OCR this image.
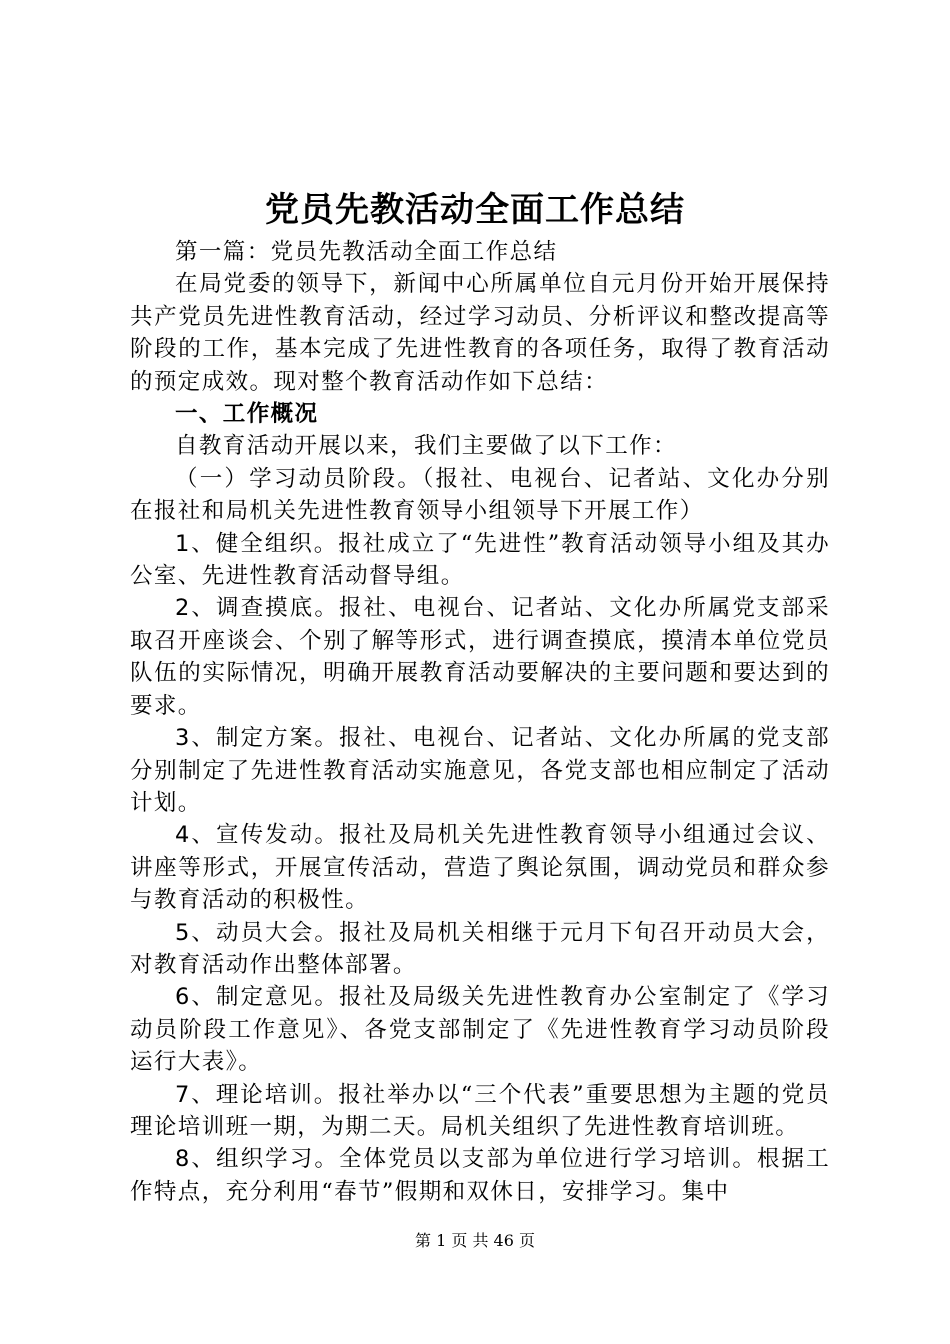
党员先教活动全面工作总结

第一篇：党员先教活动全面工作总结

在局党委的领导下，新闻中心所属单位自元月份开始开展保持共产党员先进性教育活动，经过学习动员、分析评议和整改提高等阶段的工作，基本完成了先进性教育的各项任务，取得了教育活动的预定成效。现对整个教育活动作如下总结：

一、工作概况

自教育活动开展以来，我们主要做了以下工作：

（一）学习动员阶段。（报社、电视台、记者站、文化办分别在报社和局机关先进性教育领导小组领导下开展工作）

1、健全组织。报社成立了“先进性”教育活动领导小组及其办公室、先进性教育活动督导组。

2、调查摸底。报社、电视台、记者站、文化办所属党支部采取召开座谈会、个别了解等形式，进行调查摸底，摸清本单位党员队伍的实际情况，明确开展教育活动要解决的主要问题和要达到的要求。

3、制定方案。报社、电视台、记者站、文化办所属的党支部分别制定了先进性教育活动实施意见，各党支部也相应制定了活动计划。

4、宣传发动。报社及局机关先进性教育领导小组通过会议、讲座等形式，开展宣传活动，营造了舆论氛围，调动党员和群众参与教育活动的积极性。

5、动员大会。报社及局机关相继于元月下旬召开动员大会，对教育活动作出整体部署。

6、制定意见。报社及局级关先进性教育办公室制定了《学习动员阶段工作意见》、各党支部制定了《先进性教育学习动员阶段运行大表》。

7、理论培训。报社举办以“三个代表”重要思想为主题的党员理论培训班一期，为期二天。局机关组织了先进性教育培训班。

8、组织学习。全体党员以支部为单位进行学习培训。根据工作特点，充分利用“春节”假期和双休日，安排学习。集中

第 1 页 共 46 页
